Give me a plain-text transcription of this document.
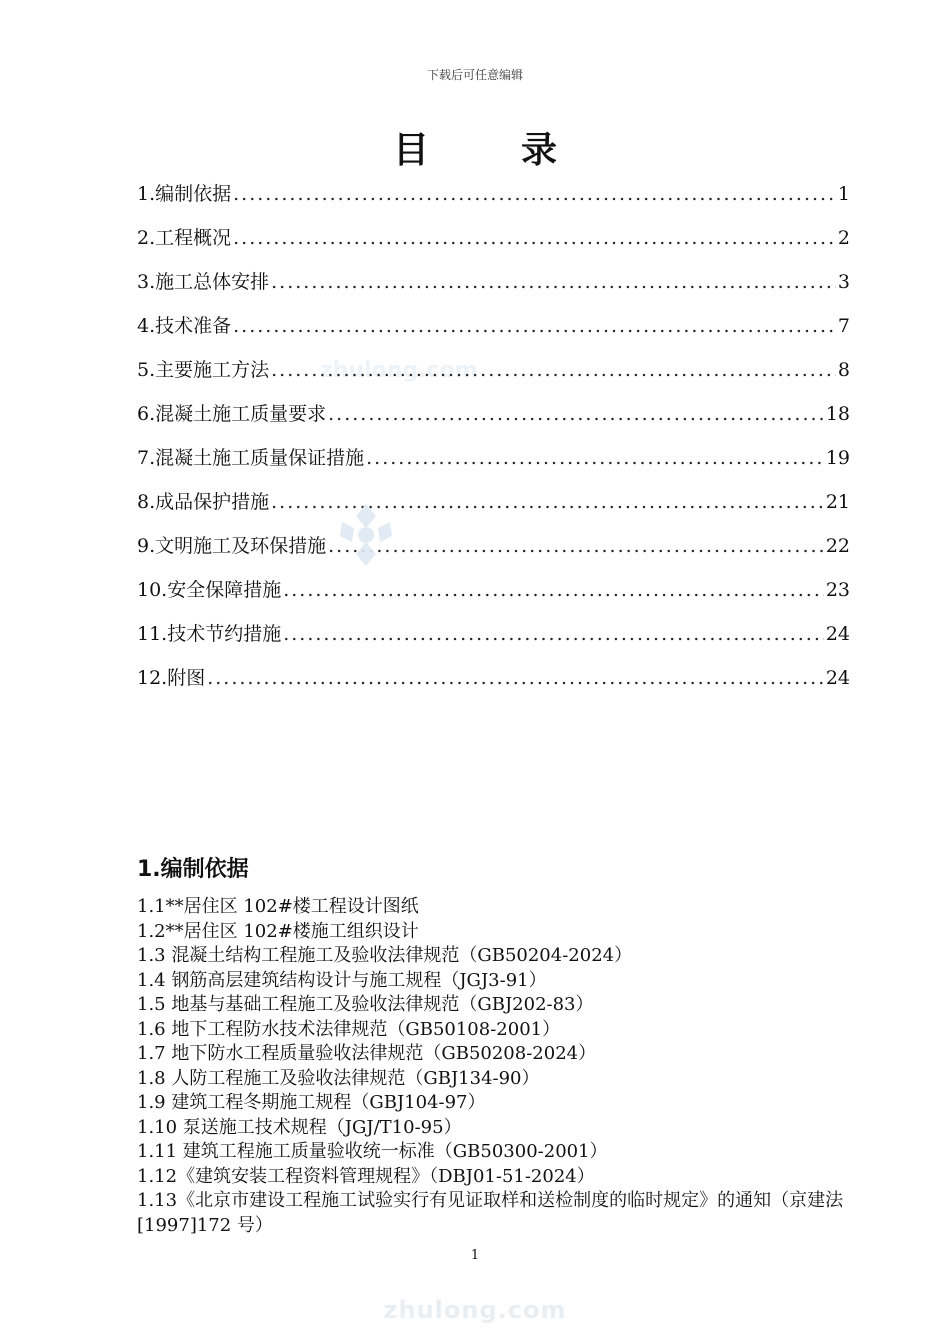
下载后可任意编辑
目	录
zhulong.com
1.编制依据 .....	1
2.工程概况 .....	2
3.施工总体安排 .....	3
4.技术准备 .....	7
5.主要施工方法 .....	8
6.混凝土施工质量要求 .....	18
7.混凝土施工质量保证措施 .....	19
8.成品保护措施 .....	21
9.文明施工及环保措施 .....	22
10.安全保障措施 .....	23
11.技术节约措施 .....	24
12.附图 .....	24
1.编制依据
1.1**居住区 102#楼工程设计图纸
1.2**居住区 102#楼施工组织设计
1.3 混凝土结构工程施工及验收法律规范（GB50204-2024）
1.4 钢筋高层建筑结构设计与施工规程（JGJ3-91）
1.5 地基与基础工程施工及验收法律规范（GBJ202-83）
1.6 地下工程防水技术法律规范（GB50108-2001）
1.7 地下防水工程质量验收法律规范（GB50208-2024）
1.8 人防工程施工及验收法律规范（GBJ134-90）
1.9 建筑工程冬期施工规程（GBJ104-97）
1.10 泵送施工技术规程（JGJ/T10-95）
1.11 建筑工程施工质量验收统一标准（GB50300-2001）
1.12《建筑安装工程资料管理规程》（DBJ01-51-2024）
1.13《北京市建设工程施工试验实行有见证取样和送检制度的临时规定》的通知（京建法[1997]172 号）
1
zhulong.com
